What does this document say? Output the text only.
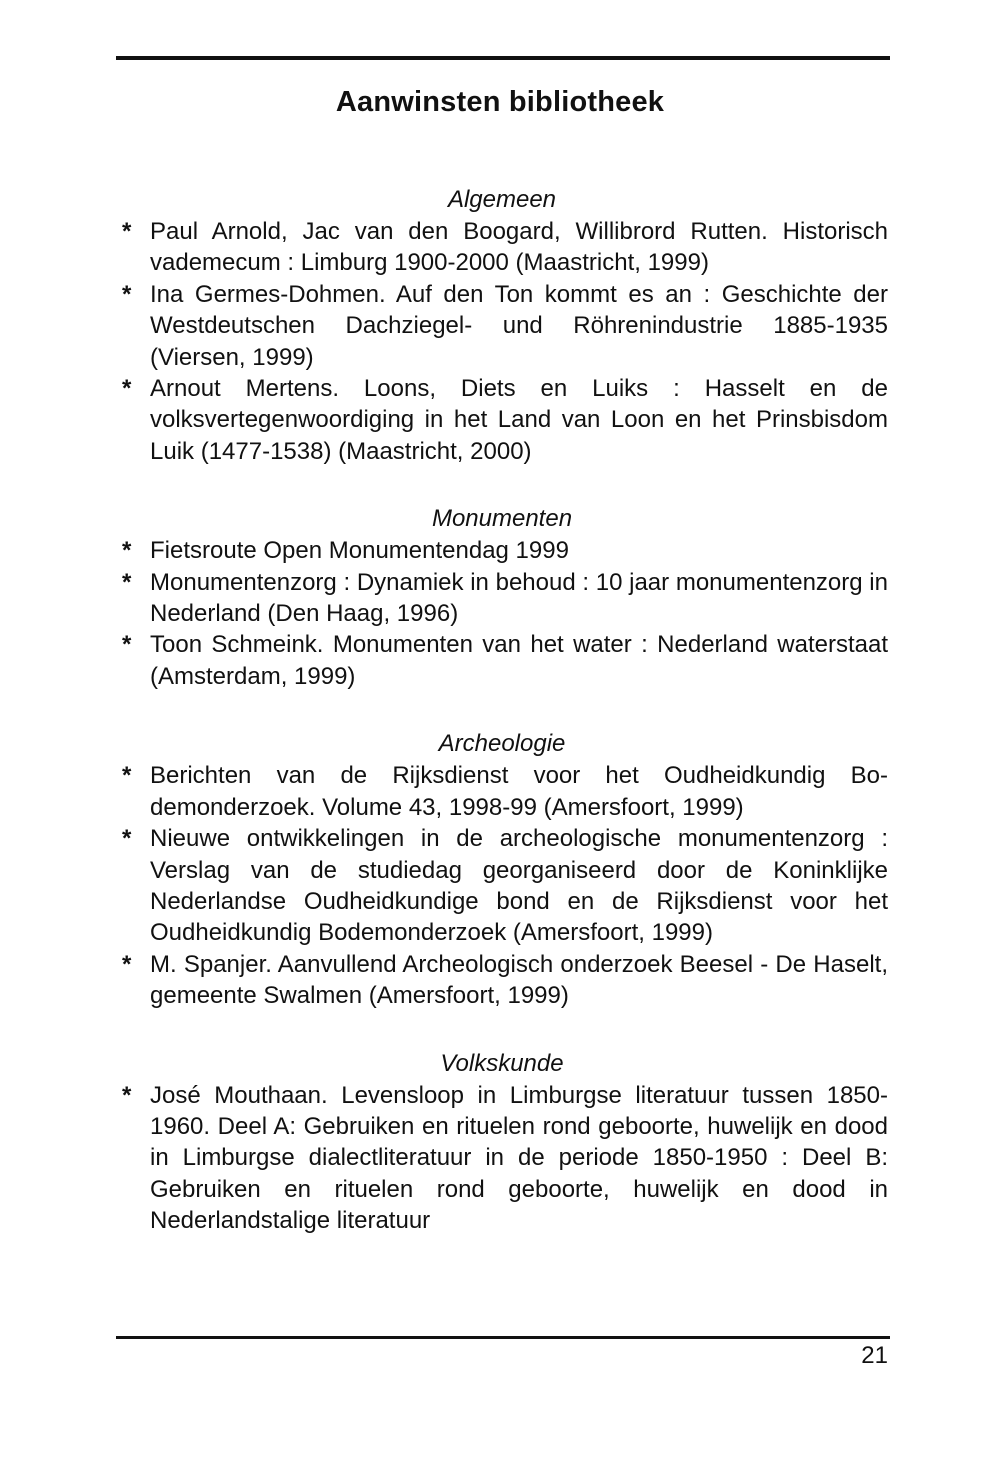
Aanwinsten bibliotheek
Algemeen
* Paul Arnold, Jac van den Boogard, Willibrord Rutten. Historisch vademecum : Limburg 1900-2000 (Maastricht, 1999)
* Ina Germes-Dohmen. Auf den Ton kommt es an : Geschichte der Westdeutschen Dachziegel- und Röhrenindustrie 1885-1935 (Viersen, 1999)
* Arnout Mertens. Loons, Diets en Luiks : Hasselt en de volksvertegenwoordiging in het Land van Loon en het Prinsbisdom Luik (1477-1538) (Maastricht, 2000)
Monumenten
* Fietsroute Open Monumentendag 1999
* Monumentenzorg : Dynamiek in behoud : 10 jaar monumentenzorg in Nederland (Den Haag, 1996)
* Toon Schmeink. Monumenten van het water : Nederland waterstaat (Amsterdam, 1999)
Archeologie
* Berichten van de Rijksdienst voor het Oudheidkundig Bodemonderzoek. Volume 43, 1998-99 (Amersfoort, 1999)
* Nieuwe ontwikkelingen in de archeologische monumentenzorg : Verslag van de studiedag georganiseerd door de Koninklijke Nederlandse Oudheidkundige bond en de Rijksdienst voor het Oudheidkundig Bodemonderzoek (Amersfoort, 1999)
* M. Spanjer. Aanvullend Archeologisch onderzoek Beesel - De Haselt, gemeente Swalmen (Amersfoort, 1999)
Volkskunde
* José Mouthaan. Levensloop in Limburgse literatuur tussen 1850-1960. Deel A: Gebruiken en rituelen rond geboorte, huwelijk en dood in Limburgse dialectliteratuur in de periode 1850-1950 : Deel B: Gebruiken en rituelen rond geboorte, huwelijk en dood in Nederlandstalige literatuur
21
